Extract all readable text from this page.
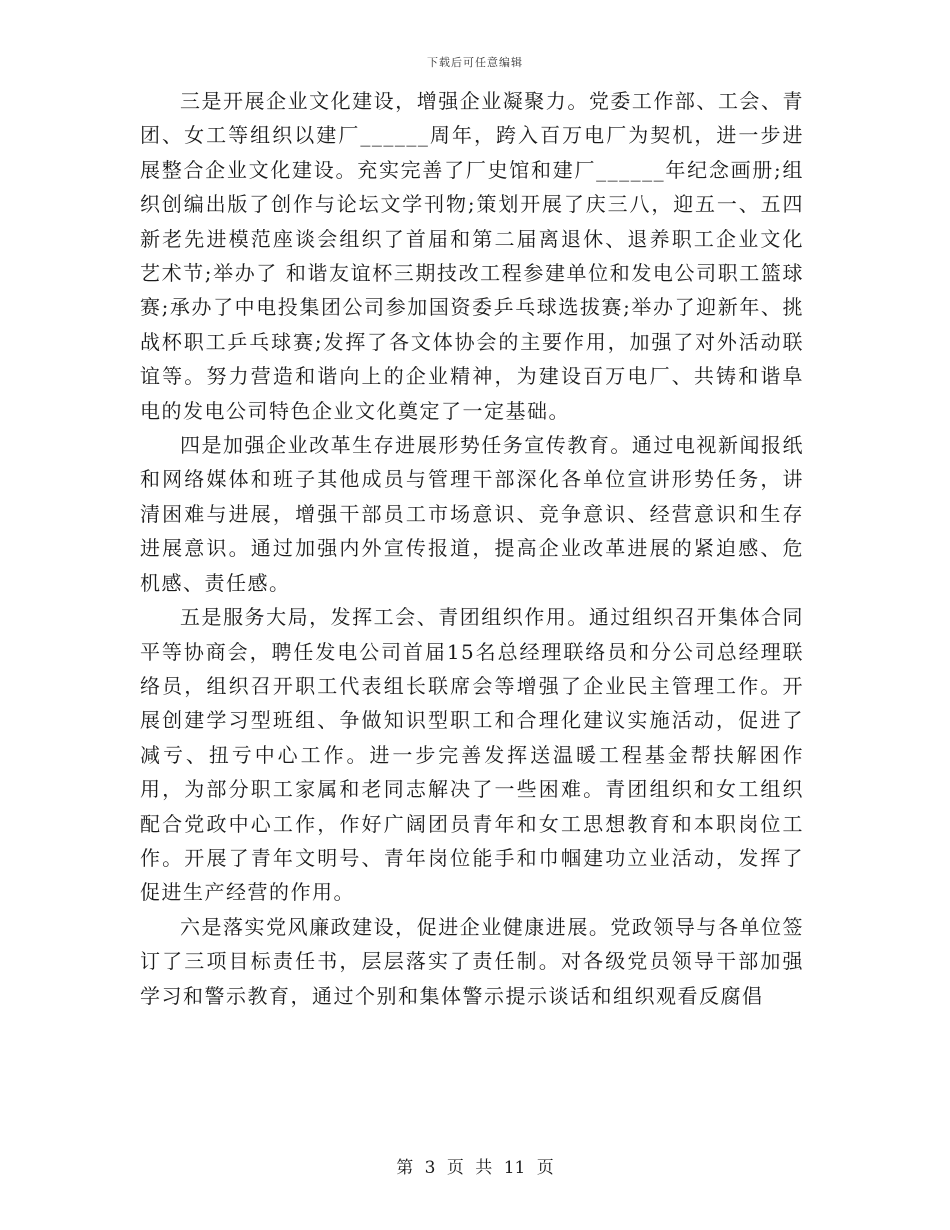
下载后可任意编辑

三是开展企业文化建设，增强企业凝聚力。党委工作部、工会、青团、女工等组织以建厂______周年，跨入百万电厂为契机，进一步进展整合企业文化建设。充实完善了厂史馆和建厂______年纪念画册;组织创编出版了创作与论坛文学刊物;策划开展了庆三八，迎五一、五四新老先进模范座谈会组织了首届和第二届离退休、退养职工企业文化艺术节;举办了 和谐友谊杯三期技改工程参建单位和发电公司职工篮球赛;承办了中电投集团公司参加国资委乒乓球选拔赛;举办了迎新年、挑战杯职工乒乓球赛;发挥了各文体协会的主要作用，加强了对外活动联谊等。努力营造和谐向上的企业精神，为建设百万电厂、共铸和谐阜电的发电公司特色企业文化奠定了一定基础。

四是加强企业改革生存进展形势任务宣传教育。通过电视新闻报纸和网络媒体和班子其他成员与管理干部深化各单位宣讲形势任务，讲清困难与进展，增强干部员工市场意识、竞争意识、经营意识和生存进展意识。通过加强内外宣传报道，提高企业改革进展的紧迫感、危机感、责任感。

五是服务大局，发挥工会、青团组织作用。通过组织召开集体合同平等协商会，聘任发电公司首届15名总经理联络员和分公司总经理联络员，组织召开职工代表组长联席会等增强了企业民主管理工作。开展创建学习型班组、争做知识型职工和合理化建议实施活动，促进了减亏、扭亏中心工作。进一步完善发挥送温暖工程基金帮扶解困作用，为部分职工家属和老同志解决了一些困难。青团组织和女工组织配合党政中心工作，作好广阔团员青年和女工思想教育和本职岗位工作。开展了青年文明号、青年岗位能手和巾帼建功立业活动，发挥了促进生产经营的作用。

六是落实党风廉政建设，促进企业健康进展。党政领导与各单位签订了三项目标责任书，层层落实了责任制。对各级党员领导干部加强学习和警示教育，通过个别和集体警示提示谈话和组织观看反腐倡

第 3 页 共 11 页
